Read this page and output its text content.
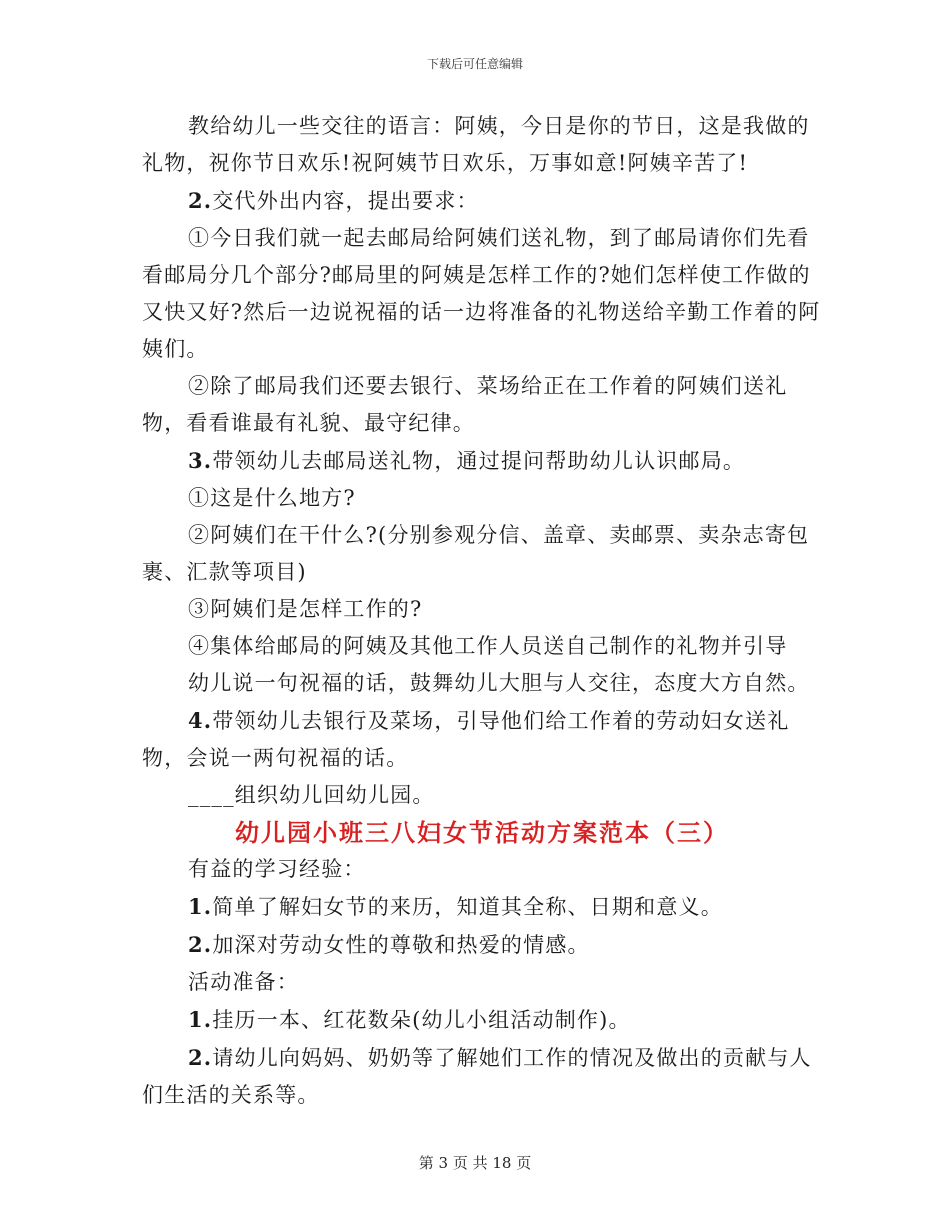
下载后可任意编辑

教给幼儿一些交往的语言：阿姨，今日是你的节日，这是我做的礼物，祝你节日欢乐!祝阿姨节日欢乐，万事如意!阿姨辛苦了!

2.交代外出内容，提出要求：

①今日我们就一起去邮局给阿姨们送礼物，到了邮局请你们先看看邮局分几个部分?邮局里的阿姨是怎样工作的?她们怎样使工作做的又快又好?然后一边说祝福的话一边将准备的礼物送给辛勤工作着的阿姨们。

②除了邮局我们还要去银行、菜场给正在工作着的阿姨们送礼物，看看谁最有礼貌、最守纪律。

3.带领幼儿去邮局送礼物，通过提问帮助幼儿认识邮局。

①这是什么地方?

②阿姨们在干什么?(分别参观分信、盖章、卖邮票、卖杂志寄包裹、汇款等项目)

③阿姨们是怎样工作的?

④集体给邮局的阿姨及其他工作人员送自己制作的礼物并引导

幼儿说一句祝福的话，鼓舞幼儿大胆与人交往，态度大方自然。

4.带领幼儿去银行及菜场，引导他们给工作着的劳动妇女送礼物，会说一两句祝福的话。

____组织幼儿回幼儿园。

幼儿园小班三八妇女节活动方案范本（三）

有益的学习经验：

1.简单了解妇女节的来历，知道其全称、日期和意义。

2.加深对劳动女性的尊敬和热爱的情感。

活动准备：

1.挂历一本、红花数朵(幼儿小组活动制作)。

2.请幼儿向妈妈、奶奶等了解她们工作的情况及做出的贡献与人们生活的关系等。

第 3 页 共 18 页
